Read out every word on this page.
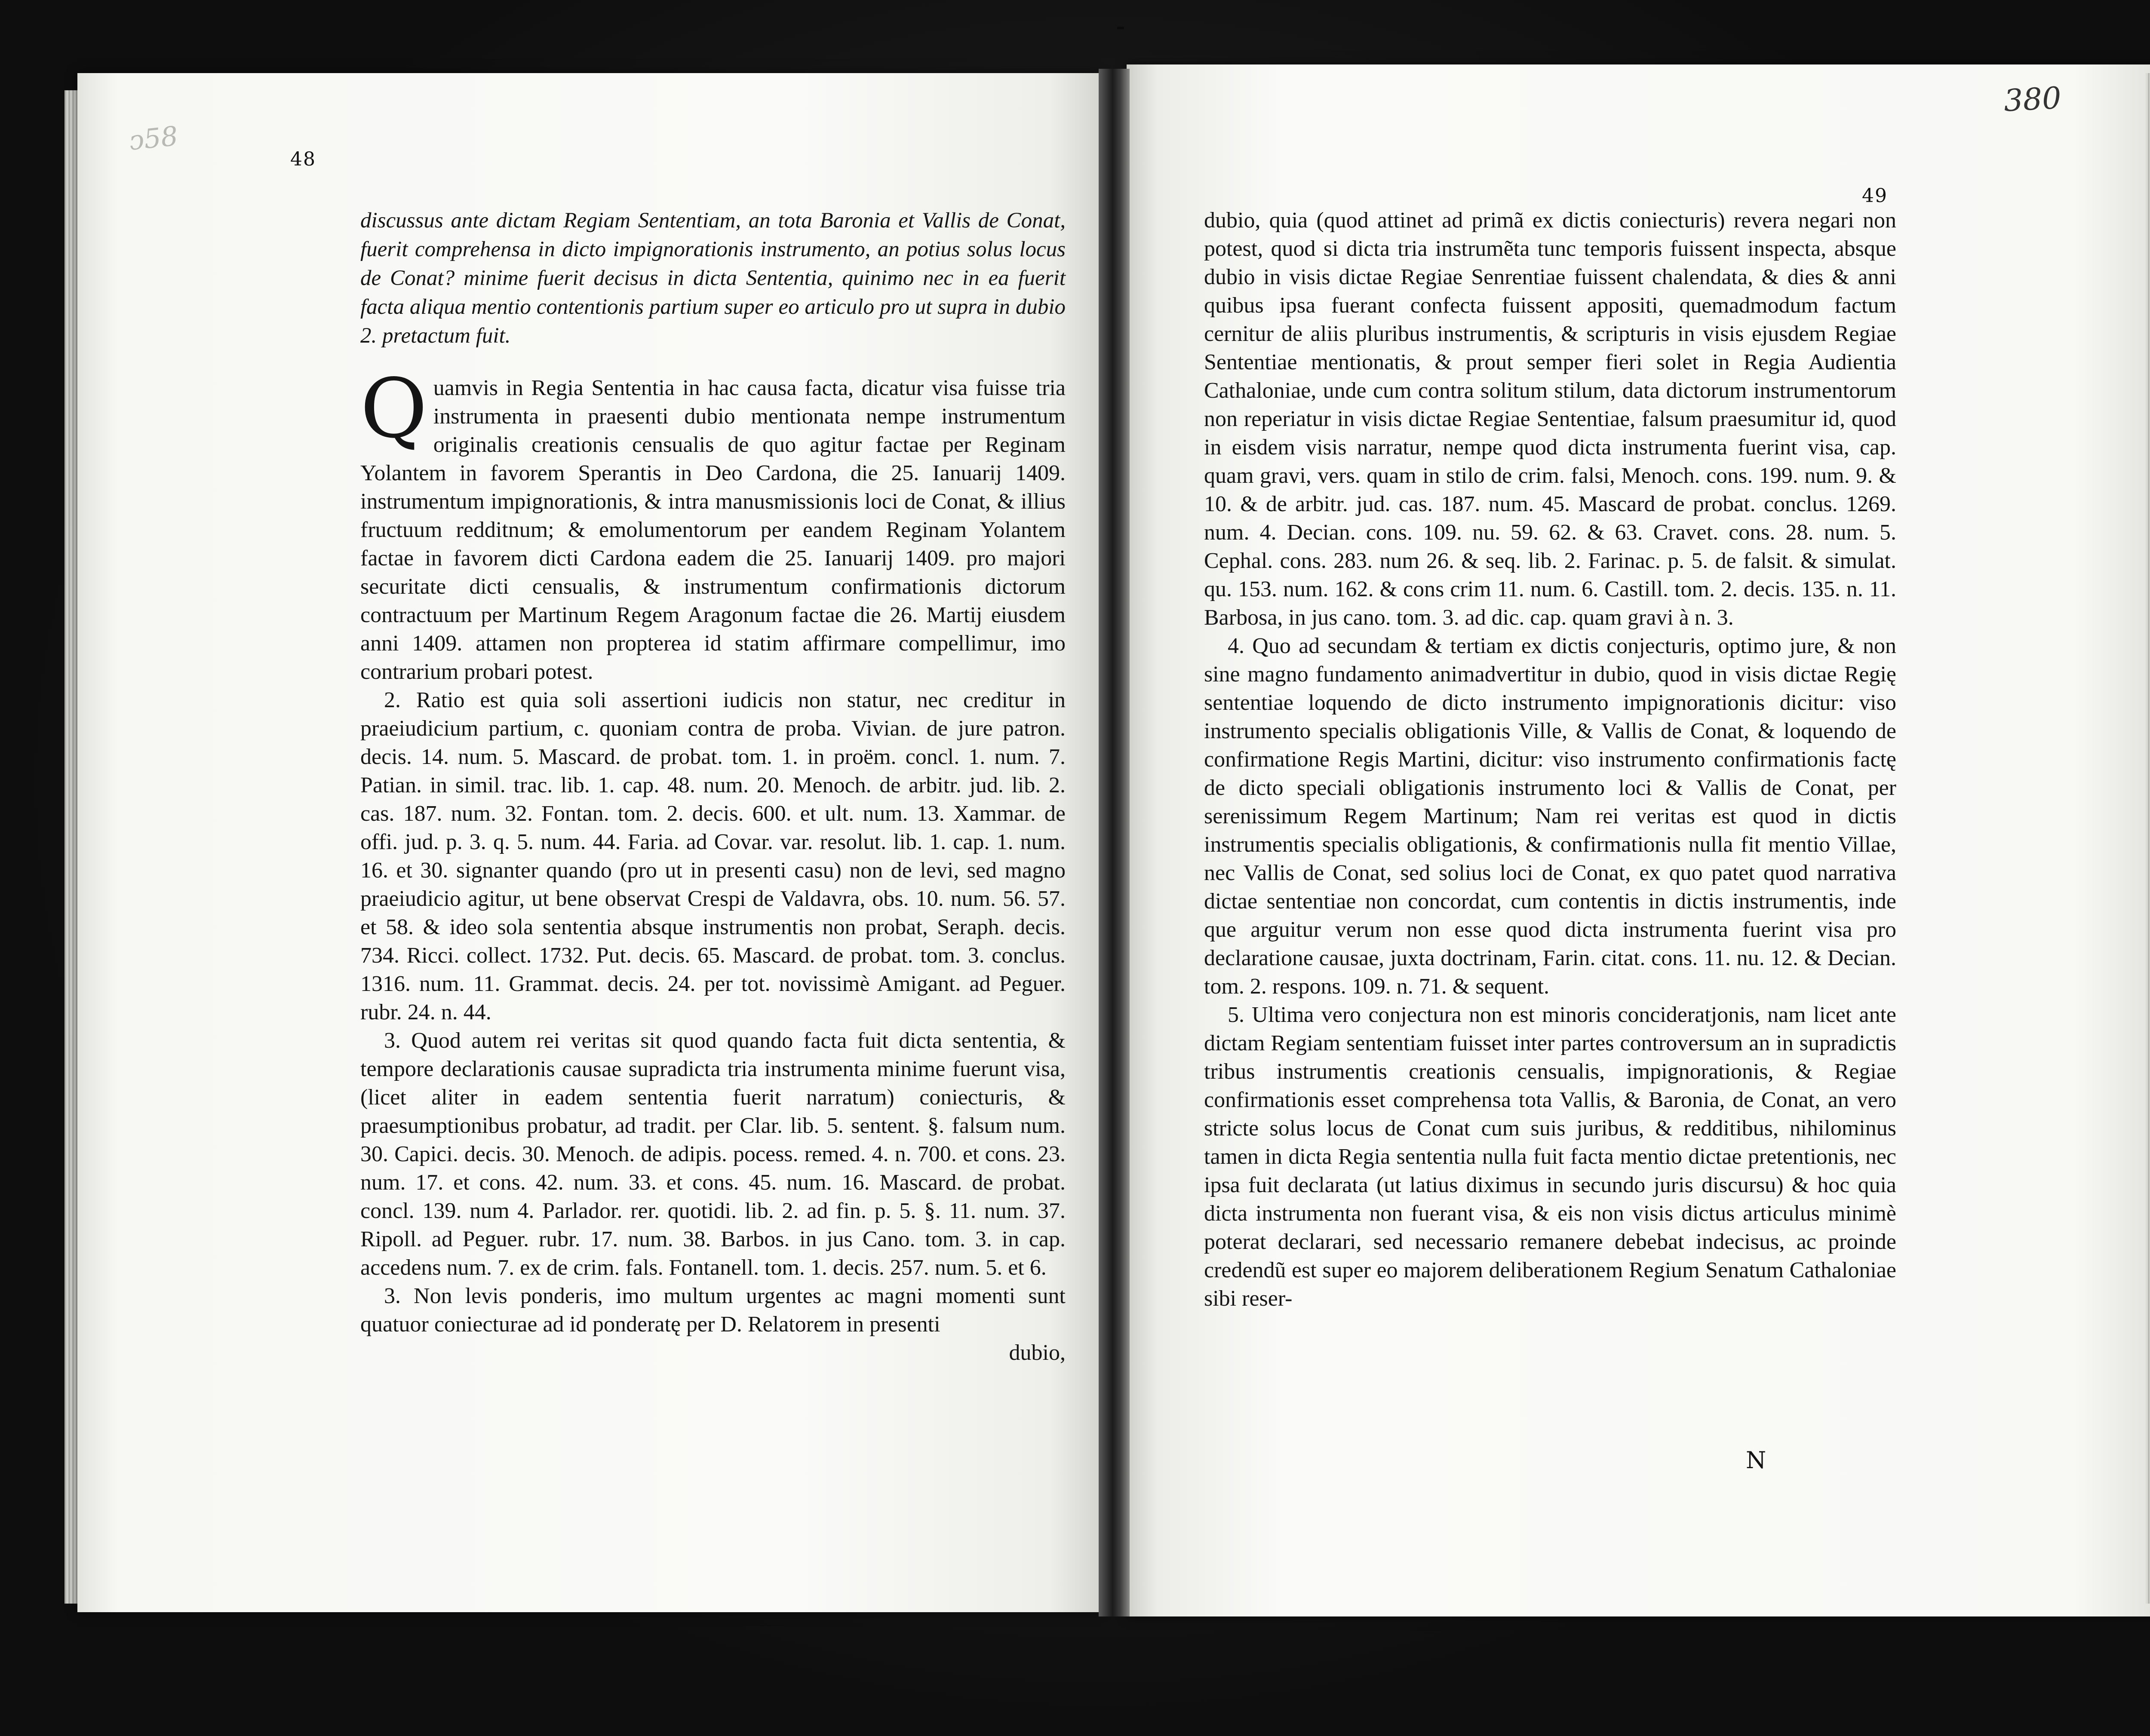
ↄ58
48
49
380

discussus ante dictam Regiam Sententiam, an tota Baronia et Vallis de Conat, fuerit comprehensa in dicto impignorationis instrumento, an potius solus locus de Conat? minime fuerit decisus in dicta Sententia, quinimo nec in ea fuerit facta aliqua mentio contentionis partium super eo articulo pro ut supra in dubio 2. pretactum fuit.

Quamvis in Regia Sententia in hac causa facta, dicatur visa fuisse tria instrumenta in praesenti dubio mentionata nempe instrumentum originalis creationis censualis de quo agitur factae per Reginam Yolantem in favorem Sperantis in Deo Cardona, die 25. Ianuarij 1409. instrumentum impignorationis, & intra manusmissionis loci de Conat, & illius fructuum redditnum; & emolumentorum per eandem Reginam Yolantem factae in favorem dicti Cardona eadem die 25. Ianuarij 1409. pro majori securitate dicti censualis, & instrumentum confirmationis dictorum contractuum per Martinum Regem Aragonum factae die 26. Martij eiusdem anni 1409. attamen non propterea id statim affirmare compellimur, imo contrarium probari potest.

2. Ratio est quia soli assertioni iudicis non statur, nec creditur in praeiudicium partium, c. quoniam contra de proba. Vivian. de jure patron. decis. 14. num. 5. Mascard. de probat. tom. 1. in proëm. concl. 1. num. 7. Patian. in simil. trac. lib. 1. cap. 48. num. 20. Menoch. de arbitr. jud. lib. 2. cas. 187. num. 32. Fontan. tom. 2. decis. 600. et ult. num. 13. Xammar. de offi. jud. p. 3. q. 5. num. 44. Faria. ad Covar. var. resolut. lib. 1. cap. 1. num. 16. et 30. signanter quando (pro ut in presenti casu) non de levi, sed magno praeiudicio agitur, ut bene observat Crespi de Valdavra, obs. 10. num. 56. 57. et 58. & ideo sola sententia absque instrumentis non probat, Seraph. decis. 734. Ricci. collect. 1732. Put. decis. 65. Mascard. de probat. tom. 3. conclus. 1316. num. 11. Grammat. decis. 24. per tot. novissimè Amigant. ad Peguer. rubr. 24. n. 44.

3. Quod autem rei veritas sit quod quando facta fuit dicta sententia, & tempore declarationis causae supradicta tria instrumenta minime fuerunt visa, (licet aliter in eadem sententia fuerit narratum) coniecturis, & praesumptionibus probatur, ad tradit. per Clar. lib. 5. sentent. §. falsum num. 30. Capici. decis. 30. Menoch. de adipis. pocess. remed. 4. n. 700. et cons. 23. num. 17. et cons. 42. num. 33. et cons. 45. num. 16. Mascard. de probat. concl. 139. num 4. Parlador. rer. quotidi. lib. 2. ad fin. p. 5. §. 11. num. 37. Ripoll. ad Peguer. rubr. 17. num. 38. Barbos. in jus Cano. tom. 3. in cap. accedens num. 7. ex de crim. fals. Fontanell. tom. 1. decis. 257. num. 5. et 6.

3. Non levis ponderis, imo multum urgentes ac magni momenti sunt quatuor coniecturae ad id ponderatę per D. Relatorem in presenti

dubio,

dubio, quia (quod attinet ad primã ex dictis coniecturis) revera negari non potest, quod si dicta tria instrumẽta tunc temporis fuissent inspecta, absque dubio in visis dictae Regiae Senrentiae fuissent chalendata, & dies & anni quibus ipsa fuerant confecta fuissent appositi, quemadmodum factum cernitur de aliis pluribus instrumentis, & scripturis in visis ejusdem Regiae Sententiae mentionatis, & prout semper fieri solet in Regia Audientia Cathaloniae, unde cum contra solitum stilum, data dictorum instrumentorum non reperiatur in visis dictae Regiae Sententiae, falsum praesumitur id, quod in eisdem visis narratur, nempe quod dicta instrumenta fuerint visa, cap. quam gravi, vers. quam in stilo de crim. falsi, Menoch. cons. 199. num. 9. & 10. & de arbitr. jud. cas. 187. num. 45. Mascard de probat. conclus. 1269. num. 4. Decian. cons. 109. nu. 59. 62. & 63. Cravet. cons. 28. num. 5. Cephal. cons. 283. num 26. & seq. lib. 2. Farinac. p. 5. de falsit. & simulat. qu. 153. num. 162. & cons crim 11. num. 6. Castill. tom. 2. decis. 135. n. 11. Barbosa, in jus cano. tom. 3. ad dic. cap. quam gravi à n. 3.

4. Quo ad secundam & tertiam ex dictis conjecturis, optimo jure, & non sine magno fundamento animadvertitur in dubio, quod in visis dictae Regię sententiae loquendo de dicto instrumento impignorationis dicitur: viso instrumento specialis obligationis Ville, & Vallis de Conat, & loquendo de confirmatione Regis Martini, dicitur: viso instrumento confirmationis factę de dicto speciali obligationis instrumento loci & Vallis de Conat, per serenissimum Regem Martinum; Nam rei veritas est quod in dictis instrumentis specialis obligationis, & confirmationis nulla fit mentio Villae, nec Vallis de Conat, sed solius loci de Conat, ex quo patet quod narrativa dictae sententiae non concordat, cum contentis in dictis instrumentis, inde que arguitur verum non esse quod dicta instrumenta fuerint visa pro declaratione causae, juxta doctrinam, Farin. citat. cons. 11. nu. 12. & Decian. tom. 2. respons. 109. n. 71. & sequent.

5. Ultima vero conjectura non est minoris concideratjonis, nam licet ante dictam Regiam sententiam fuisset inter partes controversum an in supradictis tribus instrumentis creationis censualis, impignorationis, & Regiae confirmationis esset comprehensa tota Vallis, & Baronia, de Conat, an vero stricte solus locus de Conat cum suis juribus, & redditibus, nihilominus tamen in dicta Regia sententia nulla fuit facta mentio dictae pretentionis, nec ipsa fuit declarata (ut latius diximus in secundo juris discursu) & hoc quia dicta instrumenta non fuerant visa, & eis non visis dictus articulus minimè poterat declarari, sed necessario remanere debebat indecisus, ac proinde credendũ est super eo majorem deliberationem Regium Senatum Cathaloniae sibi reser-

N
